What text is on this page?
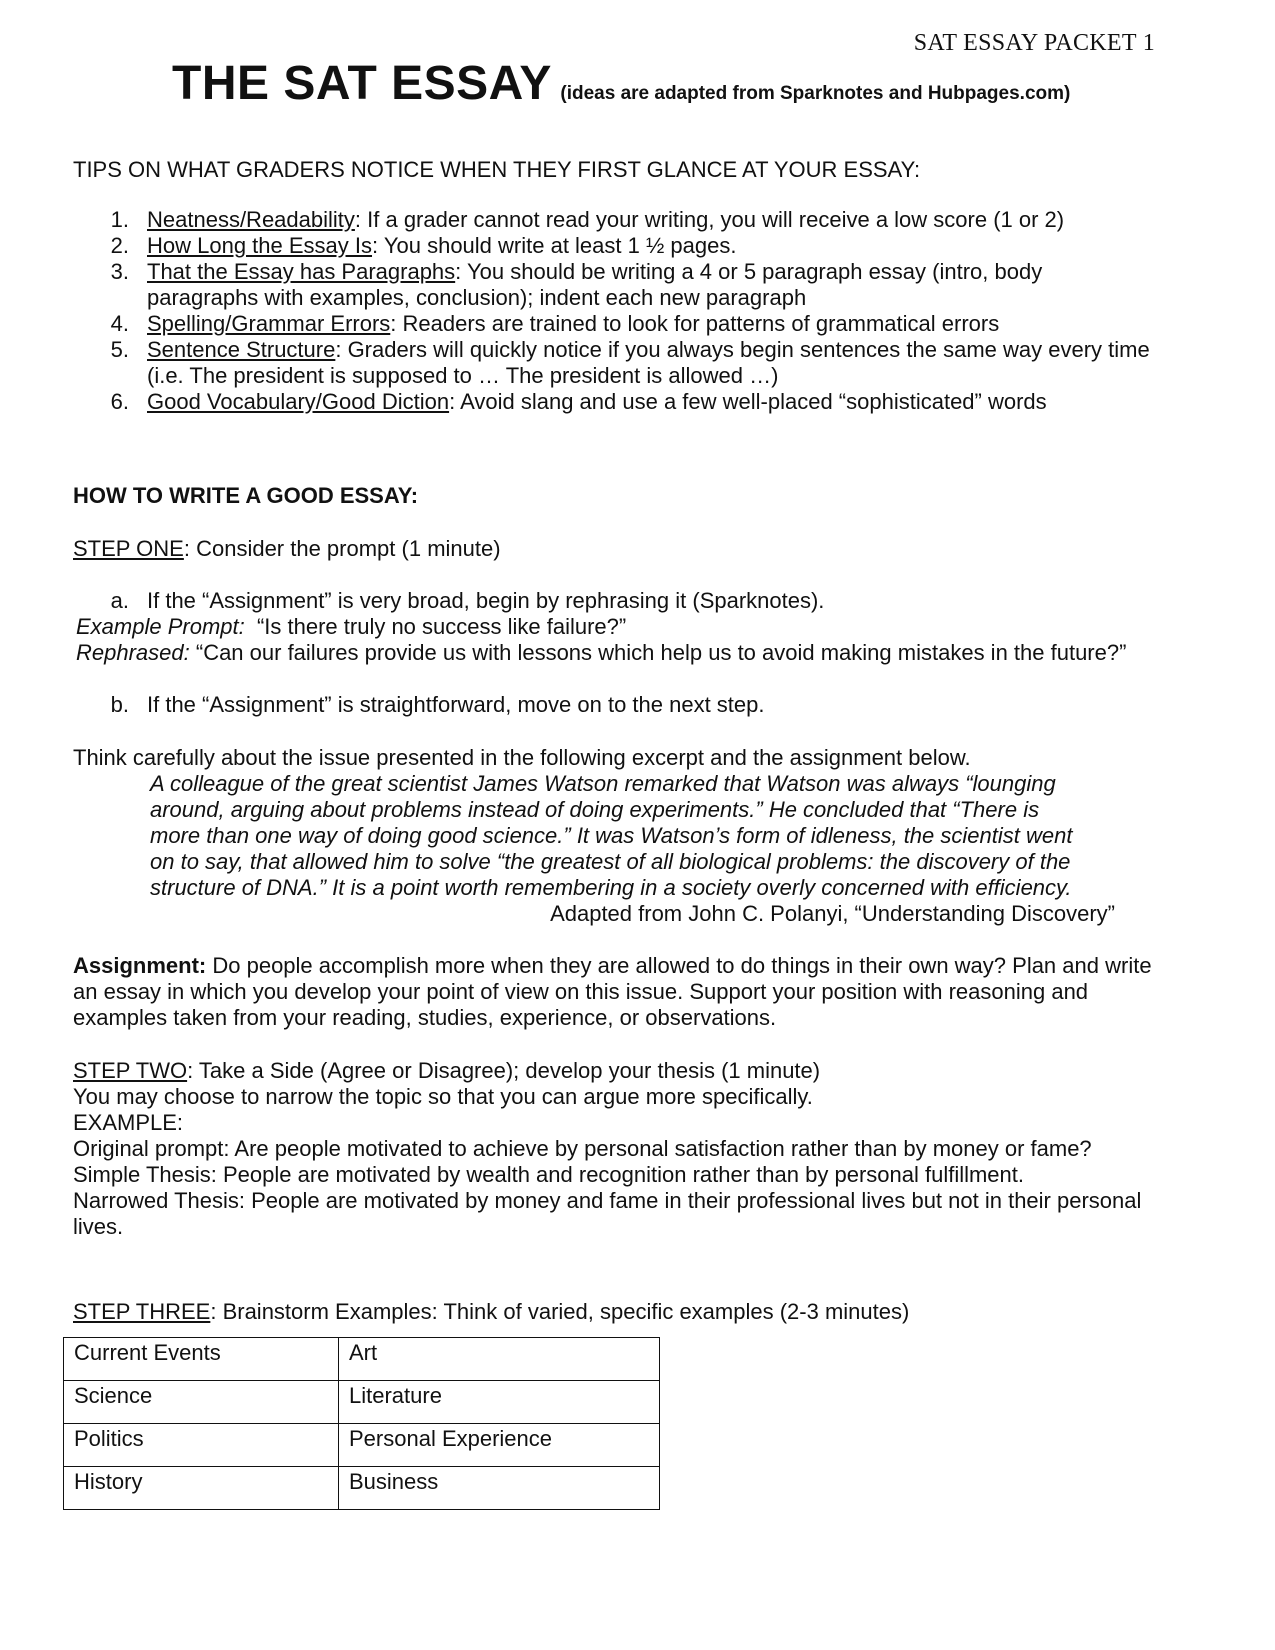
SAT ESSAY PACKET 1
THE SAT ESSAY (ideas are adapted from Sparknotes and Hubpages.com)
TIPS ON WHAT GRADERS NOTICE WHEN THEY FIRST GLANCE AT YOUR ESSAY:
1. Neatness/Readability: If a grader cannot read your writing, you will receive a low score (1 or 2)
2. How Long the Essay Is: You should write at least 1 ½ pages.
3. That the Essay has Paragraphs: You should be writing a 4 or 5 paragraph essay (intro, body
paragraphs with examples, conclusion); indent each new paragraph
4. Spelling/Grammar Errors: Readers are trained to look for patterns of grammatical errors
5. Sentence Structure: Graders will quickly notice if you always begin sentences the same way every time
(i.e. The president is supposed to … The president is allowed …)
6. Good Vocabulary/Good Diction: Avoid slang and use a few well-placed “sophisticated” words
HOW TO WRITE A GOOD ESSAY:
STEP ONE: Consider the prompt (1 minute)
a. If the “Assignment” is very broad, begin by rephrasing it (Sparknotes).
Example Prompt:  “Is there truly no success like failure?”
Rephrased: “Can our failures provide us with lessons which help us to avoid making mistakes in the future?”
b. If the “Assignment” is straightforward, move on to the next step.
Think carefully about the issue presented in the following excerpt and the assignment below.
A colleague of the great scientist James Watson remarked that Watson was always “lounging
around, arguing about problems instead of doing experiments.” He concluded that “There is
more than one way of doing good science.” It was Watson’s form of idleness, the scientist went
on to say, that allowed him to solve “the greatest of all biological problems: the discovery of the
structure of DNA.” It is a point worth remembering in a society overly concerned with efficiency.
Adapted from John C. Polanyi, “Understanding Discovery”
Assignment: Do people accomplish more when they are allowed to do things in their own way? Plan and write
an essay in which you develop your point of view on this issue. Support your position with reasoning and
examples taken from your reading, studies, experience, or observations.
STEP TWO: Take a Side (Agree or Disagree); develop your thesis (1 minute)
You may choose to narrow the topic so that you can argue more specifically.
EXAMPLE:
Original prompt: Are people motivated to achieve by personal satisfaction rather than by money or fame?
Simple Thesis: People are motivated by wealth and recognition rather than by personal fulfillment.
Narrowed Thesis: People are motivated by money and fame in their professional lives but not in their personal
lives.
STEP THREE: Brainstorm Examples: Think of varied, specific examples (2-3 minutes)
Current Events	Art
Science	Literature
Politics	Personal Experience
History	Business
